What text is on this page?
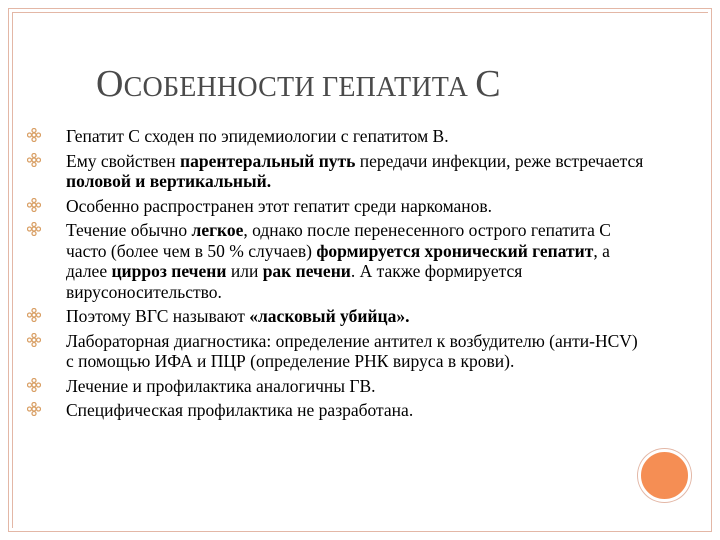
ОСОБЕННОСТИ ГЕПАТИТА С
Гепатит С сходен по эпидемиологии с гепатитом В.
Ему свойствен парентеральный путь передачи инфекции, реже встречается половой и вертикальный.
Особенно распространен этот гепатит среди наркоманов.
Течение обычно легкое, однако после перенесенного острого гепатита С часто (более чем в 50 % случаев) формируется хронический гепатит, а далее цирроз печени или рак печени. А также формируется вирусоносительство.
Поэтому ВГС называют «ласковый убийца».
Лабораторная диагностика: определение антител к возбудителю (анти-HCV) с помощью ИФА и ПЦР (определение РНК вируса в крови).
Лечение и профилактика аналогичны ГВ.
Специфическая профилактика не разработана.
